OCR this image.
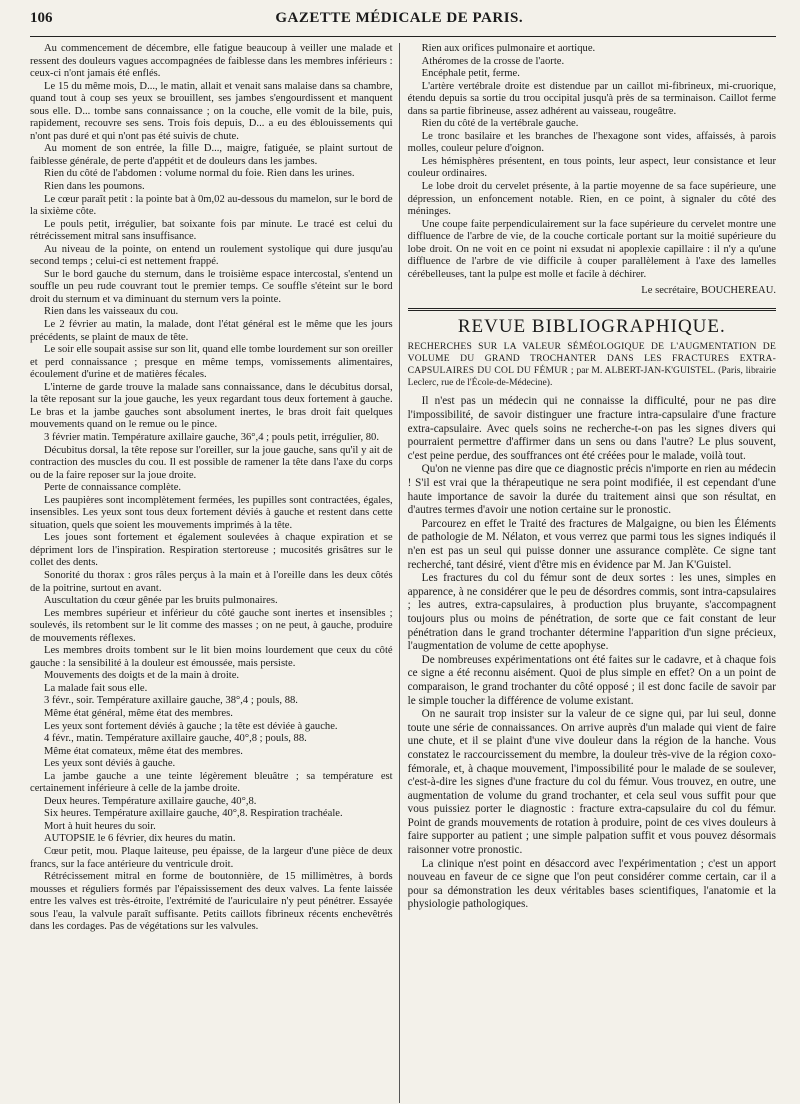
106	GAZETTE MÉDICALE DE PARIS.

Au commencement de décembre, elle fatigue beaucoup à veiller une malade et ressent des douleurs vagues accompagnées de faiblesse dans les membres inférieurs : ceux-ci n'ont jamais été enflés.

Le 15 du même mois, D..., le matin, allait et venait sans malaise dans sa chambre, quand tout à coup ses yeux se brouillent, ses jambes s'engourdissent et manquent sous elle. D... tombe sans connaissance ; on la couche, elle vomit de la bile, puis, rapidement, recouvre ses sens. Trois fois depuis, D... a eu des éblouissements qui n'ont pas duré et qui n'ont pas été suivis de chute.

Au moment de son entrée, la fille D..., maigre, fatiguée, se plaint surtout de faiblesse générale, de perte d'appétit et de douleurs dans les jambes.

Rien du côté de l'abdomen : volume normal du foie. Rien dans les urines.

Rien dans les poumons.

Le cœur paraît petit : la pointe bat à 0m,02 au-dessous du mamelon, sur le bord de la sixième côte.

Le pouls petit, irrégulier, bat soixante fois par minute. Le tracé est celui du rétrécissement mitral sans insuffisance.

Au niveau de la pointe, on entend un roulement systolique qui dure jusqu'au second temps ; celui-ci est nettement frappé.

Sur le bord gauche du sternum, dans le troisième espace intercostal, s'entend un souffle un peu rude couvrant tout le premier temps. Ce souffle s'éteint sur le bord droit du sternum et va diminuant du sternum vers la pointe.

Rien dans les vaisseaux du cou.

Le 2 février au matin, la malade, dont l'état général est le même que les jours précédents, se plaint de maux de tête.

Le soir elle soupait assise sur son lit, quand elle tombe lourdement sur son oreiller et perd connaissance ; presque en même temps, vomissements alimentaires, écoulement d'urine et de matières fécales.

L'interne de garde trouve la malade sans connaissance, dans le décubitus dorsal, la tête reposant sur la joue gauche, les yeux regardant tous deux fortement à gauche. Le bras et la jambe gauches sont absolument inertes, le bras droit fait quelques mouvements quand on le remue ou le pince.

3 février matin. Température axillaire gauche, 36°,4 ; pouls petit, irrégulier, 80.

Décubitus dorsal, la tête repose sur l'oreiller, sur la joue gauche, sans qu'il y ait de contraction des muscles du cou. Il est possible de ramener la tête dans l'axe du corps ou de la faire reposer sur la joue droite.

Perte de connaissance complète.

Les paupières sont incomplètement fermées, les pupilles sont contractées, égales, insensibles. Les yeux sont tous deux fortement déviés à gauche et restent dans cette situation, quels que soient les mouvements imprimés à la tête.

Les joues sont fortement et également soulevées à chaque expiration et se dépriment lors de l'inspiration. Respiration stertoreuse ; mucosités grisâtres sur le collet des dents.

Sonorité du thorax : gros râles perçus à la main et à l'oreille dans les deux côtés de la poitrine, surtout en avant.

Auscultation du cœur gênée par les bruits pulmonaires.

Les membres supérieur et inférieur du côté gauche sont inertes et insensibles ; soulevés, ils retombent sur le lit comme des masses ; on ne peut, à gauche, produire de mouvements réflexes.

Les membres droits tombent sur le lit bien moins lourdement que ceux du côté gauche : la sensibilité à la douleur est émoussée, mais persiste.

Mouvements des doigts et de la main à droite.

La malade fait sous elle.

3 févr., soir. Température axillaire gauche, 38°,4 ; pouls, 88.

Même état général, même état des membres.

Les yeux sont fortement déviés à gauche ; la tête est déviée à gauche.

4 févr., matin. Température axillaire gauche, 40°,8 ; pouls, 88.

Même état comateux, même état des membres.

Les yeux sont déviés à gauche.

La jambe gauche a une teinte légèrement bleuâtre ; sa température est certainement inférieure à celle de la jambe droite.

Deux heures. Température axillaire gauche, 40°,8.

Six heures. Température axillaire gauche, 40°,8. Respiration trachéale.

Mort à huit heures du soir.

AUTOPSIE le 6 février, dix heures du matin.

Cœur petit, mou. Plaque laiteuse, peu épaisse, de la largeur d'une pièce de deux francs, sur la face antérieure du ventricule droit.

Rétrécissement mitral en forme de boutonnière, de 15 millimètres, à bords mousses et réguliers formés par l'épaississement des deux valves. La fente laissée entre les valves est très-étroite, l'extrémité de l'auriculaire n'y peut pénétrer. Essayée sous l'eau, la valvule paraît suffisante. Petits caillots fibrineux récents enchevêtrés dans les cordages. Pas de végétations sur les valvules.

Rien aux orifices pulmonaire et aortique.

Athéromes de la crosse de l'aorte.

Encéphale petit, ferme.

L'artère vertébrale droite est distendue par un caillot mi-fibrineux, mi-cruorique, étendu depuis sa sortie du trou occipital jusqu'à près de sa terminaison. Caillot ferme dans sa partie fibrineuse, assez adhérent au vaisseau, rougeâtre.

Rien du côté de la vertébrale gauche.

Le tronc basilaire et les branches de l'hexagone sont vides, affaissés, à parois molles, couleur pelure d'oignon.

Les hémisphères présentent, en tous points, leur aspect, leur consistance et leur couleur ordinaires.

Le lobe droit du cervelet présente, à la partie moyenne de sa face supérieure, une dépression, un enfoncement notable. Rien, en ce point, à signaler du côté des méninges.

Une coupe faite perpendiculairement sur la face supérieure du cervelet montre une diffluence de l'arbre de vie, de la couche corticale portant sur la moitié supérieure du lobe droit. On ne voit en ce point ni exsudat ni apoplexie capillaire : il n'y a qu'une diffluence de l'arbre de vie difficile à couper parallèlement à l'axe des lamelles cérébelleuses, tant la pulpe est molle et facile à déchirer.

Le secrétaire, BOUCHEREAU.
REVUE BIBLIOGRAPHIQUE.
RECHERCHES SUR LA VALEUR SÉMÉOLOGIQUE DE L'AUGMENTATION DE VOLUME DU GRAND TROCHANTER DANS LES FRACTURES EXTRA-CAPSULAIRES DU COL DU FÉMUR ; par M. ALBERT-JAN-K'GUISTEL. (Paris, librairie Leclerc, rue de l'École-de-Médecine).

Il n'est pas un médecin qui ne connaisse la difficulté, pour ne pas dire l'impossibilité, de savoir distinguer une fracture intra-capsulaire d'une fracture extra-capsulaire. Avec quels soins ne recherche-t-on pas les signes divers qui pourraient permettre d'affirmer dans un sens ou dans l'autre? Le plus souvent, c'est peine perdue, des souffrances ont été créées pour le malade, voilà tout.

Qu'on ne vienne pas dire que ce diagnostic précis n'importe en rien au médecin ! S'il est vrai que la thérapeutique ne sera point modifiée, il est cependant d'une haute importance de savoir la durée du traitement ainsi que son résultat, en d'autres termes d'avoir une notion certaine sur le pronostic.

Parcourez en effet le Traité des fractures de Malgaigne, ou bien les Éléments de pathologie de M. Nélaton, et vous verrez que parmi tous les signes indiqués il n'en est pas un seul qui puisse donner une assurance complète. Ce signe tant recherché, tant désiré, vient d'être mis en évidence par M. Jan K'Guistel.

Les fractures du col du fémur sont de deux sortes : les unes, simples en apparence, à ne considérer que le peu de désordres commis, sont intra-capsulaires ; les autres, extra-capsulaires, à production plus bruyante, s'accompagnent toujours plus ou moins de pénétration, de sorte que ce fait constant de leur pénétration dans le grand trochanter détermine l'apparition d'un signe précieux, l'augmentation de volume de cette apophyse.

De nombreuses expérimentations ont été faites sur le cadavre, et à chaque fois ce signe a été reconnu aisément. Quoi de plus simple en effet? On a un point de comparaison, le grand trochanter du côté opposé ; il est donc facile de savoir par le simple toucher la différence de volume existant.

On ne saurait trop insister sur la valeur de ce signe qui, par lui seul, donne toute une série de connaissances. On arrive auprès d'un malade qui vient de faire une chute, et il se plaint d'une vive douleur dans la région de la hanche. Vous constatez le raccourcissement du membre, la douleur très-vive de la région coxo-fémorale, et, à chaque mouvement, l'impossibilité pour le malade de se soulever, c'est-à-dire les signes d'une fracture du col du fémur. Vous trouvez, en outre, une augmentation de volume du grand trochanter, et cela seul vous suffit pour que vous puissiez porter le diagnostic : fracture extra-capsulaire du col du fémur. Point de grands mouvements de rotation à produire, point de ces vives douleurs à faire supporter au patient ; une simple palpation suffit et vous pouvez désormais raisonner votre pronostic.

La clinique n'est point en désaccord avec l'expérimentation ; c'est un apport nouveau en faveur de ce signe que l'on peut considérer comme certain, car il a pour sa démonstration les deux véritables bases scientifiques, l'anatomie et la physiologie pathologiques.
